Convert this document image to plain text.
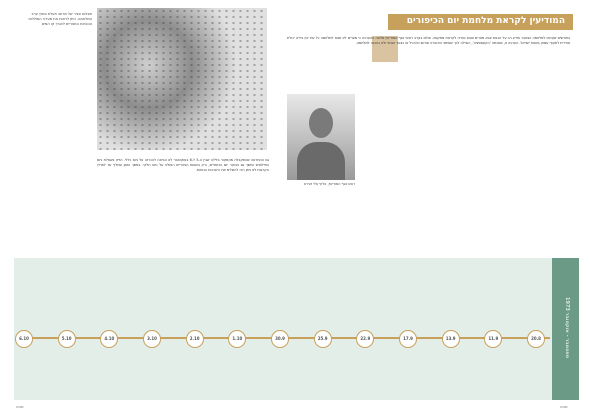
תצלום אוויר של מרחב תעלת סואץ ערב המלחמה. ניתן לראות את מערכי הסוללות והכוחות המצריים לאורך קו המים
גם ההתרעה שהתקבלה מהמקור בלילה שבין ה-5 ל-6 באוקטובר לא הביאה להכרזה על גיוס כללי. הדיון בשאלת גיוס המילואים נמשך גם בבוקר יום הכיפורים, ורק בשעות הצהריים הוחלט על גיוס חלקי. במשך הזמן שחלף עד לפרוץ הקרבות לא ניתן היה להשלים את היערכות הכוחות.
המודיעין לקראת מלחמת יום הכיפורים
בחודשים שקדמו למלחמה הצטבר מידע רב על הכנות צבא מצרים וצבא סוריה לקראת מתקפה. אולם בקרב ראשי אגף המודיעין שלטה ההערכה כי מצרים לא תצא למלחמה כל עוד אין בידיה יכולת אווירית לתקוף עמוק בשטח ישראל. הערכה זו, שכונתה 'הקונספציה', הובילה לכך שסימני האזהרה פורשו כתרגיל או כצעד הגנתי ולא כהכנה למלחמה.
ראש אגף המודיעין, אלוף אלי זעירא
ספטמבר - אוקטובר 1973	ציר הזמן
20.8
11.9
13.9
17.9
22.9
25.9
30.9
1.10
2.10
3.10
4.10
5.10
6.10
מבט	מבט
